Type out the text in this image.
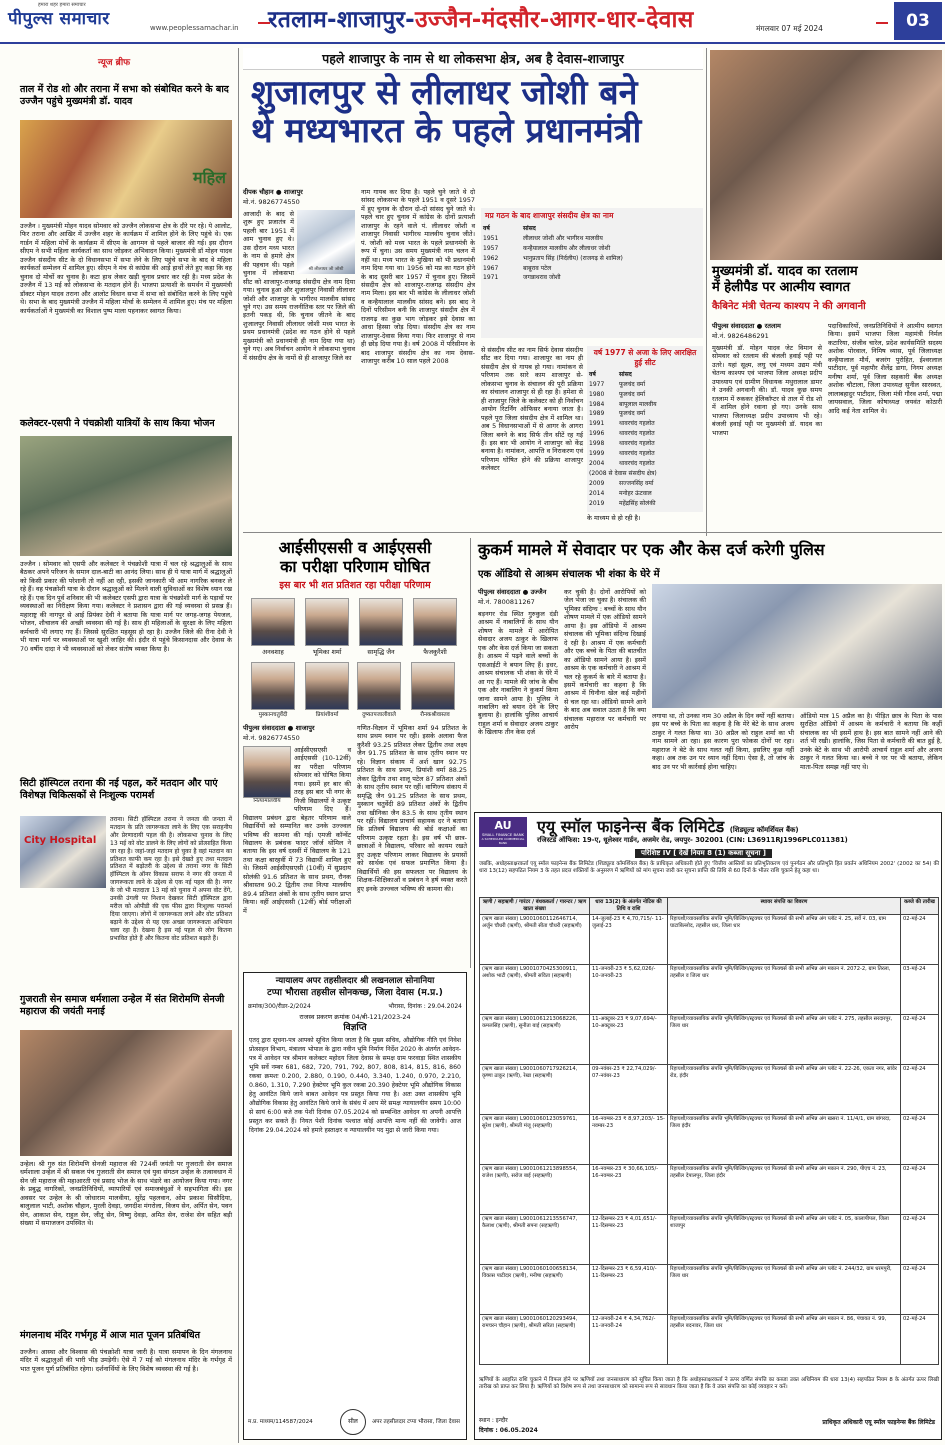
हमारा शहर हमारा समाचार
पीपुल्स समाचार	www.peoplessamachar.in रतलाम-शाजापुर-उज्जैन-मंदसौर-आगर-धार-देवास	मंगलवार 07 मई 2024	03
न्यूज ब्रीफ
ताल में रोड शो और तराना में सभा को संबोधित करने के बाद उज्जैन पहुंचे मुख्यमंत्री डॉ. यादव
महिल
उज्जैन । मुख्यमंत्री मोहन यादव सोमवार को उज्जैन लोकसभा क्षेत्र के दौरे पर रहे। ये आलोट, फिर तराना और आखिर में उज्जैन शहर के कार्यक्रम में शामिल होने के लिए पहुंचे थे। एक गार्डन में महिला मोर्चे के कार्यक्रम में सीएम के आगमन से पहले बाजार की गई। इस दौरान सीएम ने सभी महिला कार्यकर्ता का साथ जोड़कर अभिवादन किया। मुख्यमंत्री डॉ मोहन यादव उज्जैन संसदीय सीट के दो विधानसभा में सभा लेने के लिए पहुंचे सभा के बाद वे महिला कार्यकर्ता सम्मेलन में शामिल हुए। सीएम ने मंच से कांग्रेस की आड़े हाथों लेते हुए कहा कि वह चुनाव दो मोर्चो का चुनाव है। कटा हाथ लेकर खड़ी चुनाव प्रचार कर रही है। मध्य प्रदेश के उज्जैन में 13 मई को लोकसभा के मतदान होने हैं। भाजपा प्रत्याशी के समर्थन में मुख्यमंत्री डॉक्टर मोहन यादव तराना और आलोट विधान सभा में सभा को संबोधित करने के लिए पहुंचे थे। सभा के बाद मुख्यमंत्री उज्जैन में महिला मोर्चा के सम्मेलन में शामिल हुए। मंच पर महिला कार्यकर्ताओं ने मुख्यमंत्री का विशाल पुष्प माला पहनाकर स्वागत किया।
कलेक्टर-एसपी ने पंचक्रोशी यात्रियों के साथ किया भोजन
उज्जैन । सोमवार को एसपी और कलेक्टर ने पंचक्रोशी यात्रा में चल रहे श्रद्धालुओं के साथ बैठकर अपने परिजन के समान दाल-बाटी का आनंद लिया। साथ ही ये यात्रा मार्ग में श्रद्धालुओं को किसी प्रकार की परेशानी तो नहीं आ रही, इसकी जानकारी भी आम नागरिक बनकर ले रहे हैं। वह पंचक्रोशी यात्रा के दौरान श्रद्धालुओं को मिलने वाली सुविधाओं का विशेष ध्यान रख रहे हैं। एक दिन पूर्व शनिवार की भी कलेक्टर एसपी द्वारा यात्रा के पंचक्रोशी मार्ग के पड़ावों पर व्यवस्थाओं का निरीक्षण किया गया। कलेक्टर ने प्रशासन द्वारा की गई व्यवस्था से प्रसन्न हैं। महाराष्ट्र की नागपुर से आई प्रियंका देवी ने बताया कि यात्रा मार्ग पर जगह-जगह पेयजल, भोजन, शौचालय की अच्छी व्यवस्था की गई है। साथ ही महिलाओं के सुरक्षा के लिए महिला कर्मचारी भी लगाए गए हैं। जिससे सुरक्षित महसूस हो रहा है। उज्जैन जिले की रीना देवी ने भी यात्रा मार्ग पर व्यवस्थाओं पर खुशी जाहिर की। इंदौर से पहुंचे किसानदास और देवास के 70 वर्षीय दादा ने भी व्यवस्थाओं को लेकर संतोष व्यक्त किया है।
सिटी हॉस्पिटल तराना की नई पहल, करें मतदान और पाएं विशेषज्ञ चिकित्सकों से निःशुल्क परामर्श
City Hospital
तराना। सिटी हॉस्पिटल तराना ने जनता की जनता में मतदान के प्रति जागरूकता लाने के लिए एक सराहनीय और प्रेरणादायी पहल की है। लोकसभा चुनाव के लिए 13 मई को वोट डालने के लिए लोगों को प्रोत्साहित किया जा रहा है। जहां-जहां मतदान हो चुका है वहां मतदान का प्रतिशत काफी कम रहा है। इसे देखते हुए तथा मतदान प्रतिशत में बढ़ोतरी के उद्देश्य से तराना नगर के सिटी हॉस्पिटल के ऑनर विकास सराफ ने नगर की जनता में जागरूकता लाने के उद्देश्य से एक नई पहल की है। नगर के जो भी मतदाता 13 मई को चुनाव में अपना वोट देंगे, उनकी उंगली पर निशान देखकर सिटी हॉस्पिटल द्वारा मरीज को ओपीडी की एक फीस द्वारा निःशुल्क परामर्श दिया जाएगा। लोगों में जागरूकता लाने और वोट प्रतिशत बढ़ाने के उद्देश्य से यह एक अच्छा जागरूकता अभियान चला रहा हैं। देखना है इस नई पहल से लोग कितना प्रभावित होते हैं और कितना वोट प्रतिशत बढ़ाते हैं।
गुजराती सेन समाज धर्मशाला उन्हेल में संत शिरोमणि सेनजी महाराज की जयंती मनाई
उन्हेल। श्री गुरु संत शिरोमणि सेनजी महाराज की 724वीं जयंती पर गुजराती सेन समाज धर्मशाला उन्हेल में श्री सकल पंच गुजराती सेन समाज एवं युवा संगठन उन्हेल के तत्वावधान में सेन जी महाराज की महाआरती एवं प्रसाद भोज के साथ भंडारे का आयोजन किया गया। नगर के प्रबुद्ध नागरिकों, जनप्रतिनिधियों, व्यापारियों एवं समाजबंधुओं ने सहभागिता की। इस अवसर पर उन्हेल के श्री जोधाराम मालवीया, सुरेंद्र पहलवान, ओम प्रकाश सिसौदिया, बालुलाल भाटी, अशोक चौहान, मुरली देवड़ा, जगदीश मंगरोला, विजय सेन, अर्पित सेन, पवन सेन, आकाश सेन, राहुल सेन, जीतू सेन, विष्णु देवड़ा, अमित सेन, राजेश सेन सहित बड़ी संख्या में समाजजन उपस्थित थे।
मंगलनाथ मंदिर गर्भगृह में आज मात पूजन प्रतिबंधित
उज्जैन। आस्था और विश्वास की पंचक्रोशी यात्रा जारी है। यात्रा समापन के दिन मंगलनाथ मंदिर में श्रद्धालुओं की भारी भीड़ उमड़ेगी। ऐसे में 7 मई को मंगलनाथ मंदिर के गर्भगृह में भात पूजन पूर्ण प्रतिबंधित रहेगा। दर्शनार्थियों के लिए विशेष व्यवस्था की गई है।
पहले शाजापुर के नाम से था लोकसभा क्षेत्र, अब है देवास-शाजापुर
शुजालपुर से लीलाधर जोशी बने
थे मध्यभारत के पहले प्रधानमंत्री
दीपक चौहान ● शाजापुर
मो.नं. 9826774550
श्री लीलाधर जी जोशी
आजादी के बाद से शुरू हुए प्रजातंत्र में पहली बार 1951 में आम चुनाव हुए थे। उस दौरान मध्य भारत के नाम से हमारे क्षेत्र की पहचान थी। पहले चुनाव में लोकसभा सीट को शाजापुर-राजगढ़ संसदीय क्षेत्र नाम दिया गया। चुनाव हुआ और शुजालपुर निवासी लीलाधर जोशी और शाजापुर के भागीरथ मालवीय सांसद चुने गए। उस समय राजनीतिक स्तर पर जिले की इतनी पकड़ थी, कि चुनाव जीतने के बाद शुजालपुर निवासी लीलाधर जोशी मध्य भारत के प्रथम प्रधानमंत्री (प्रदेश का गठन होने से पहले मुख्यमंत्री को प्रधानमंत्री ही नाम दिया गया था) चुने गए। अब निर्वाचन आयोग ने लोकसभा चुनाव में संसदीय क्षेत्र के नामों से ही शाजापुर जिले का
नाम गायब कर दिया है। पहले चुने जाते थे दो सांसद लोकसभा के पहले 1951 व दूसरे 1957 में हुए चुनाव के दौरान दो-दो सांसद चुने जाते थे। पहले चार हुए चुनाव में कांग्रेस के दोनों प्रत्याशी शाजापुर के रहने वाले पं. लीलाधर जोशी व शाजापुर निवासी भागीरथ मालवीय चुनाव जीते। पं. जोशी को मध्य भारत के पहले प्रधानमंत्री के रूप में चुना। उस समय मुख्यमंत्री नाम चलन में नहीं था। मध्य भारत के मुखिया को भी प्रधानमंत्री नाम दिया गया था। 1956 को मप्र का गठन होने के बाद दूसरी बार 1957 में चुनाव हुए। जिसमें संसदीय क्षेत्र को शाजापुर-राजगढ़ संसदीय क्षेत्र नाम मिला। इस बार भी कांग्रेस के लीलाधर जोशी व कन्हैयालाल मालवीय सांसद बने। इस बाद ने दिनों परिसीमन बनी कि शाजापुर संसदीय क्षेत्र में राजगढ़ का कुछ भाग जोड़कर इसे देवास का आधा हिस्सा जोड़ दिया। संसदीय क्षेत्र का नाम शाजापुर-देवास किया गया। फिर शाजापुर से नाम ही छोड़ दिया गया है। वर्ष 2008 में परिसीमन के बाद शाजापुर संसदीय क्षेत्र का नाम देवास-शाजापुर करीब 10 साल पहले 2008
मप्र गठन के बाद शाजापुर संसदीय क्षेत्र का नाम
वर्ष	सांसद
1951	लीलाधर जोशी और भागीरथ मालवीय
1957	कन्हैयालाल मालवीय और लीलाधर जोशी
1962	भानुप्रताप सिंह (निर्दलीय) (राजगढ़ से शामिल)
1967	बाबूराव पटेल
1971	जगन्नाथराव जोशी
से संसदीय सीट का नाम सिर्फ देवास संसदीय सीट कर दिया गया। शाजापुर का नाम ही संसदीय क्षेत्र से गायब हो गया। नामांकन से परिणाम तक सारे काम शाजापुर से- लोकसभा चुनाव के संचालन की पूरी प्रक्रिया का संचालन शाजापुर से ही रहा है। हमेशा से ही शाजापुर जिले के कलेक्टर को ही निर्वाचन आयोग रिटर्निंग ऑफिसर बनाया जाता है। पहले पूरा जिला संसदीय क्षेत्र में शामिल था। अब 5 विधानसभाओं में से आगर के आगरा जिला बनने के बाद सिर्फ तीन सीटें रह गई हैं। इस बार भी आयोग ने शाजापुर को केंद्र बनाया है। नामांकन, आपत्ति व निराकरण एवं परिणाम घोषित होने की प्रक्रिया शाजापुर कलेक्टर
वर्ष 1977 से अजा के लिए आरक्षित हुई सीट
वर्ष	सांसद
1977	फूलचंद वर्मा
1980	फूलचंद वर्मा
1984	बापूलाल मालवीय
1989	फूलचंद वर्मा
1991	थावरचंद गहलोत
1996	थावरचंद गहलोत
1998	थावरचंद गहलोत
1999	थावरचंद गहलोत
2004	थावरचंद गहलोत
(2008 से देवास संसदीय क्षेत्र)	
2009	सज्जनसिंह वर्मा
2014	मनोहर ऊंटवाल
2019	महेंद्रसिंह सोलंकी
के माध्यम से हो रही है।
मुख्यमंत्री डॉ. यादव का रतलाम
में हेलीपैड पर आत्मीय स्वागत
कैबिनेट मंत्री चेतन्य काश्यप ने की अगवानी
पीपुल्स संवाददाता ● रतलाम
मो.नं. 9826486291
मुख्यमंत्री डॉ. मोहन यादव जेट विमान से सोमवार को रतलाम की बंजली हवाई पट्टी पर उतरे। यहां सूक्ष्म, लघु एवं मध्यम उद्यम मंत्री चेतन्य काश्यप एवं भाजपा जिला अध्यक्ष प्रदीप उपाध्याय एवं ग्रामीण विधायक मथुरालाल डामर ने उनकी अगवानी की। डॉ. यादव कुछ समय रतलाम में रुककर हेलिकॉप्टर से ताल में रोड शो में शामिल होने रवाना हो गए। उनके साथ भाजपा जिलाध्यक्ष प्रदीप उपाध्याय भी रहे। बंजली हवाई पट्टी पर मुख्यमंत्री डॉ. यादव का भाजपा
पदाधिकारियों, जनप्रतिनिधियों ने आत्मीय स्वागत किया। इसमें भाजपा जिला महामंत्री निर्मल कटारिया, संजीव चारेल, प्रदेश कार्यसमिति सदस्य अशोक पोरवाल, निमिष व्यास, पूर्व जिलाध्यक्ष कन्हैयालाल मौर्य, बजरंग पुरोहित, ईश्वरलाल पाटीदार, पूर्व महापौर शैलेंद्र डागा, निगम अध्यक्ष मनीषा शर्मा, पूर्व जिला सहकारी बैंक अध्यक्ष अशोक चौटाला, जिला उपाध्यक्ष सुनील सारस्वत, लालाबहादुर पाटीदार, जिला मंत्री गौरव शर्मा, पद्मा जायसवाल, जिला कोषाध्यक्ष जयवंत कोठारी आदि कई नेता शामिल थे।
आईसीएससी व आईएससी
का परीक्षा परिणाम घोषित
इस बार भी शत प्रतिशत रहा परीक्षा परिणाम
अनवशाह	भूमिका शर्मा	सामृद्धि जैन	फैजकुरैशी
मुस्कानचतुर्वेदी	प्रियांशीवर्मा
पीपुल्स संवाददाता ● शाजापुर
मो.नं. 9826774550
नित्यामालवीय
आईसीएसएसी व आईएससी (10-12वीं) का परीक्षा परिणाम सोमवार को घोषित किया गया। इसमें हर बार की तरह इस बार भी नगर के निजी विद्यालयों ने उत्कृष्ट परिणाम दिए हैं। विद्यालय प्रबंधन द्वारा बेहतर परिणाम वाले विद्यार्थियों को सम्मानित कर उनके उज्ज्वल भविष्य की कामना की गई। एमजी कॉन्वेंट विद्यालय के प्रबंधक फादर जॉर्ज थोमिल ने बताया कि इस वर्ष दसवीं में विद्यालय के 121 तथा कक्षा बारहवीं में 73 विद्यार्थी शामिल हुए थे। जिसमें आईसीएसएसी (10वीं) में सुप्रदाय सोलंकी 91.6 प्रतिशत के साथ प्रथम, रौनक श्रीवास्तव 90.2 द्वितीय तथा नित्या मालवीय 89.4 प्रतिशत अंकों के साथ तृतीय स्थान प्राप्त किया। वहीं आईएससी (12वीं) बोर्ड परीक्षाओं में
दुष्यतपजालीवाले	रौनकश्रीवास्तव
गणित-विज्ञान में भूमिका शर्मा 94 प्रतिशत के साथ प्रथम स्थान पर रही। इसके अलावा फैज कुरैशी 93.25 प्रतिशत लेकर द्वितीय तथा लक्ष्य जैन 91.75 प्रतिशत के साथ तृतीय स्थान पर रहे। विज्ञान संकाय में अर्श खान 92.75 प्रतिशत के साथ प्रथम, प्रियांशी वर्मा 88.25 लेकर द्वितीय तथा शालू पटेल 87 प्रतिशत अंकों के साथ तृतीय स्थान पर रहीं। वाणिज्य संकाय में समृद्धि जैन 91.25 प्रतिशत के साथ प्रथम, मुस्कान चतुर्वेदी 89 प्रतिशत अंकों के द्वितीय तथा खीनिका जैन 83.5 के साथ तृतीय स्थान पर रहीं। विद्यालय प्राचार्य सहायक दर ने बताया कि प्रतिवर्ष विद्यालय की बोर्ड कक्षाओं का परिणाम उत्कृष्ट रहता है। इस वर्ष भी छात्र-छात्राओं ने विद्यालय, परिवार को कायम रखते हुए उत्कृष्ट परिणाम लाकर विद्यालय के प्रयासों को सार्थक एवं सफल प्रमाणित किया है। विद्यार्थियों की इस सफलता पर विद्यालय के शिक्षक-शिक्षिकाओं व प्रबंधन ने हर्ष व्यक्त करते हुए इनके उज्ज्वल भविष्य की कामना की।
कुकर्म मामले में सेवादार पर एक और केस दर्ज करेगी पुलिस
एक ऑडियो से आश्रम संचालक भी शंका के घेरे में
पीपुल्स संवाददाता ● उज्जैन
मो.नं. 7800811267
बड़नगर रोड स्थित गुरुकुल दंडी आश्रम में नाबालिगों के साथ यौन शोषण के मामले में आरोपित सेवादार अजय ठाकुर के खिलाफ एक और केस दर्ज किया जा सकता है। आश्रम में पढ़ने वाले बच्चों के एसआईटी ने बयान लिए हैं। इधर, आश्रम संचालक भी शंका के घेरे में आ गए हैं। मामले की जांच के बीच एक और नाबालिग ने कुकर्म किया जाना सामने आया है। पुलिस ने नाबालिग को बयान देने के लिए बुलाया है। हालांकि पुलिस आचार्य राहुल शर्मा व सेवादार अजय ठाकुर के खिलाफ तीन केस दर्ज
कर चुकी है। दोनों आरोपियों को जेल भेजा जा चुका है। संचालक की भूमिका संदिग्ध : बच्चों के साथ यौन शोषण मामले में एक ऑडियो सामने आया है। इस ऑडियो में आश्रम संचालक की भूमिका संदिग्ध दिखाई दे रही है। आश्रम में एक कर्मचारी और एक बच्चे के पिता की बातचीत का ऑडियो सामने आया है। इसमें आश्रम के एक कर्मचारी ने आश्रम में चल रहे कुकर्म के बारे में बताया है। इसमें कर्मचारी का कहना है कि आश्रम में घिनौना खेल कई महीनों से चल रहा था। ऑडियो सामने आने के बाद अब सवाल उठता है कि क्या संचालक महाराज पर कर्मचारी पर आरोप
लगाया था, तो उनका नाम 30 अप्रैल के दिन क्यों नहीं बताया। इस पर बच्चे के पिता का कहना है कि मेरे बेटे के साथ अजय ठाकुर ने गलत किया था। 30 अप्रैल को राहुल शर्मा का भी नाम सामने आ रहा। इस कारण पुरा फोकस दोनों पर रहा। महाराज ने बेटे के साथ गलत नहीं किया, इसलिए कुछ नहीं कहा। अब तक उन पर ध्यान नहीं दिया। ऐसा है, तो जांच के बाद उन पर भी कार्रवाई होना चाहिए।
ऑडियो मात्र 15 अप्रैल का है। पीड़ित छात्र के पिता के पास सुरक्षित ऑडियो में आश्रम के कर्मचारी ने बताया कि कहीं संचालक का भी इसमें हाथ है। इस बात सामने नहीं आने की शर्त भी रखी। हालांकि, जिस पिता से कर्मचारी की बात हुई है, उनके बेटे के साथ भी आरोपी आचार्य राहुल शर्मा और अजय ठाकुर ने गलत किया था। बच्चे ने घर पर भी बताया, लेकिन माता-पिता समझ नहीं पाए थे।
न्यायालय अपर तहसीलदार श्री लखनलाल सोनानिया
टप्पा भौरासा तहसील सोनकच्छ, जिला देवास (म.प्र.)
क्रमांक/300/रीडर-2/2024	भौरासा, दिनांक : 29.04.2024
राजस्व प्रकरण क्रमांक 04/बी-121/2023-24
विज्ञप्ति
एतद् द्वारा सूचना-पत्र आपको सूचित किया जाता है कि मुख्य सचिव, औद्योगिक नीति एवं निवेश प्रोत्साहन विभाग, मंत्रालय भोपाल के द्वारा नवीन भूमि निर्माण निर्देश 2020 के अंतर्गत आवेदन-पत्र में आवेदन पत्र श्रीमान कलेक्टर महोदय जिला देवास के समक्ष ग्राम फरवाड़ा स्थित शासकीय भूमि सर्वे नम्बर 681, 682, 720, 791, 792, 807, 808, 814, 815, 816, 860 रकबा क्रमशः 0.200, 2.880, 0.190, 0.440, 3.340, 1.240, 0.970, 2.210, 0.860, 1.310, 7.290 हेक्टेयर भूमि कुल रकबा 20.390 हेक्टेयर भूमि औद्योगिक विकास हेतु आवंटित किये जाने बाबत आवेदन पत्र प्रस्तुत किया गया है। अतः उक्त शासकीय भूमि औद्योगिक विकास हेतु आवंटित किये जाने के संबंध में आप मेरे समक्ष न्यायालयीन समय 10:00 से सायं 6:00 बजे तक पेशी दिनांक 07.05.2024 को सम्बन्धित आवेदन या अपनी आपत्ति प्रस्तुत कर सकते हैं। नियत पेशी दिनांक पश्चात कोई आपत्ति मान्य नहीं की जावेगी। आज दिनांक 29.04.2024 को हमारे हस्ताक्षर व न्यायालयीन पद मुद्रा से जारी किया गया।
म.प्र. माध्यम/114587/2024	सील	अपर तहसीलदार टप्पा भौरासा, जिला देवास
AU
SMALL FINANCE BANK
A SCHEDULED COMMERCIAL BANK
एयू स्मॉल फाइनेन्स बैंक लिमिटेड (शिड्यूल्ड कॉमर्शियल बैंक)
रजिस्टर्ड ऑफिस: 19-ए, धूलेश्वर गार्डन, अजमेर रोड, जयपुर- 302001 (CIN: L36911RJ1996PLC011381)
परिशिष्ट IV [ देखें नियम 8 (1) कब्जा सूचना ]
जबकि, अधोहस्ताक्षरकर्ता एयू स्मॉल फाइनेन्स बैंक लिमिटेड (शिड्यूल्ड कॉमर्शियल बैंक) के प्राधिकृत अधिकारी होते हुए 'वित्तीय आस्तियों का प्रतिभूतिकरण एवं पुनर्गठन और प्रतिभूति हित प्रवर्तन अधिनियम 2002' (2002 का 54) की धारा 13(12) सहपठित नियम 3 के तहत प्रदत्त शक्तियों के अनुसरण में ऋणियों को मांग सूचना जारी कर सूचना प्राप्ति की तिथि से 60 दिनों के भीतर राशि चुकाने हेतु कहा था।
ऋणी / सहऋणी / गारंटर / बंधककर्ता / गारन्टर / ऋण खाता संख्या	धारा 13(2) के अंतर्गत नोटिस की तिथि व राशि	स्थावर संपत्ति का विवरण	कब्जे की तारीख
(ऋण खाता संख्या) L9001060112646714, अर्जुन चौधरी (ऋणी), श्रीमती सीता चौधरी (सहऋणी)	14-जुलाई-23 ₹ 4,70,715/- 11-जुलाई-23	रिहायशी/व्यावसायिक संपत्ति भूमि/बिल्डिंग/स्ट्रक्चर एवं फिक्चर्स की सभी अभिन्न अंग प्लॉट नं. 25, सर्वे नं. 03, ग्राम घाटाबिल्लोद, तहसील धार, जिला धार	02-मई-24
(ऋण खाता संख्या) L9001070425300911, अशोक भाटी (ऋणी), श्रीमती सविता (सहऋणी)	11-जनवरी-23 ₹ 5,62,026/- 10-जनवरी-23	रिहायशी/व्यावसायिक संपत्ति भूमि/बिल्डिंग/स्ट्रक्चर एवं फिक्चर्स की सभी अभिन्न अंग मकान नं. 2072-2, ग्राम तिरला, तहसील व जिला धार	03-मई-24
(ऋण खाता संख्या) L9001061213068226, कमलसिंह (ऋणी), सुनीता बाई (सहऋणी)	11-अक्टूबर-23 ₹ 9,07,694/- 10-अक्टूबर-23	रिहायशी/व्यावसायिक संपत्ति भूमि/बिल्डिंग/स्ट्रक्चर एवं फिक्चर्स की सभी अभिन्न अंग प्लॉट नं. 275, तहसील सरदारपुर, जिला धार	02-मई-24
(ऋण खाता संख्या) L9001060717926214, कृष्णा ठाकुर (ऋणी), रेखा (सहऋणी)	09-नवंबर-23 ₹ 22,74,029/- 07-नवंबर-23	रिहायशी/व्यावसायिक संपत्ति भूमि/बिल्डिंग/स्ट्रक्चर एवं फिक्चर्स की सभी अभिन्न अंग प्लॉट नं. 22-26, एकता नगर, सांवेर रोड, इंदौर	02-मई-24
(ऋण खाता संख्या) L9001060123059761, सुरेश (ऋणी), श्रीमती मंजू (सहऋणी)	16-नवम्बर-23 ₹ 8,97,203/- 15-नवम्बर-23	रिहायशी/व्यावसायिक संपत्ति भूमि/बिल्डिंग/स्ट्रक्चर एवं फिक्चर्स की सभी अभिन्न अंग खसरा नं. 11/4/1, ग्राम बांगरदा, जिला इंदौर	02-मई-24
(ऋण खाता संख्या) L9001061213898554, राजेश (ऋणी), सरोज बाई (सहऋणी)	16-नवम्बर-23 ₹ 30,66,105/- 16-नवम्बर-23	रिहायशी/व्यावसायिक संपत्ति भूमि/बिल्डिंग/स्ट्रक्चर एवं फिक्चर्स की सभी अभिन्न अंग मकान नं. 290, पीएच नं. 23, तहसील देपालपुर, जिला इंदौर	02-मई-24
(ऋण खाता संख्या) L9001061213556747, कैलाश (ऋणी), श्रीमती सपना (सहऋणी)	12-दिसम्बर-23 ₹ 4,01,651/- 11-दिसम्बर-23	रिहायशी/व्यावसायिक संपत्ति भूमि/बिल्डिंग/स्ट्रक्चर एवं फिक्चर्स की सभी अभिन्न अंग प्लॉट नं. 05, कालापीपल, जिला शाजापुर	02-मई-24
(ऋण खाता संख्या) L9001060100658134, विकास पाटीदार (ऋणी), मनीषा (सहऋणी)	12-दिसम्बर-23 ₹ 6,59,410/- 11-दिसम्बर-23	रिहायशी/व्यावसायिक संपत्ति भूमि/बिल्डिंग/स्ट्रक्चर एवं फिक्चर्स की सभी अभिन्न अंग प्लॉट नं. 244/32, ग्राम धरमपुरी, जिला धार	02-मई-24
(ऋण खाता संख्या) L9001060120293494, रामचरन चौहान (ऋणी), श्रीमती सरिता (सहऋणी)	12-जनवरी-24 ₹ 4,34,762/- 11-जनवरी-24	रिहायशी/व्यावसायिक संपत्ति भूमि/बिल्डिंग/स्ट्रक्चर एवं फिक्चर्स की सभी अभिन्न अंग मकान नं. 86, पंचायत नं. 99, तहसील बदनावर, जिला धार	02-मई-24
ऋणियों के आहरित राशि चुकाने में विफल होने पर ऋणियों तथा जनसाधारण को सूचित किया जाता है कि अधोहस्ताक्षरकर्ता ने ऊपर वर्णित संपत्ति का कब्जा उक्त अधिनियम की धारा 13(4) सहपठित नियम 8 के अंतर्गत ऊपर लिखी तारीख को प्राप्त कर लिया है। ऋणियों को विशेष रूप से तथा जनसाधारण को सामान्य रूप से सावधान किया जाता है कि वे उक्त संपत्ति का कोई व्यवहार न करें।
स्थान : इन्दौर
दिनांक : 06.05.2024
प्राधिकृत अधिकारी एयू स्मॉल फाइनेन्स बैंक लिमिटेड
